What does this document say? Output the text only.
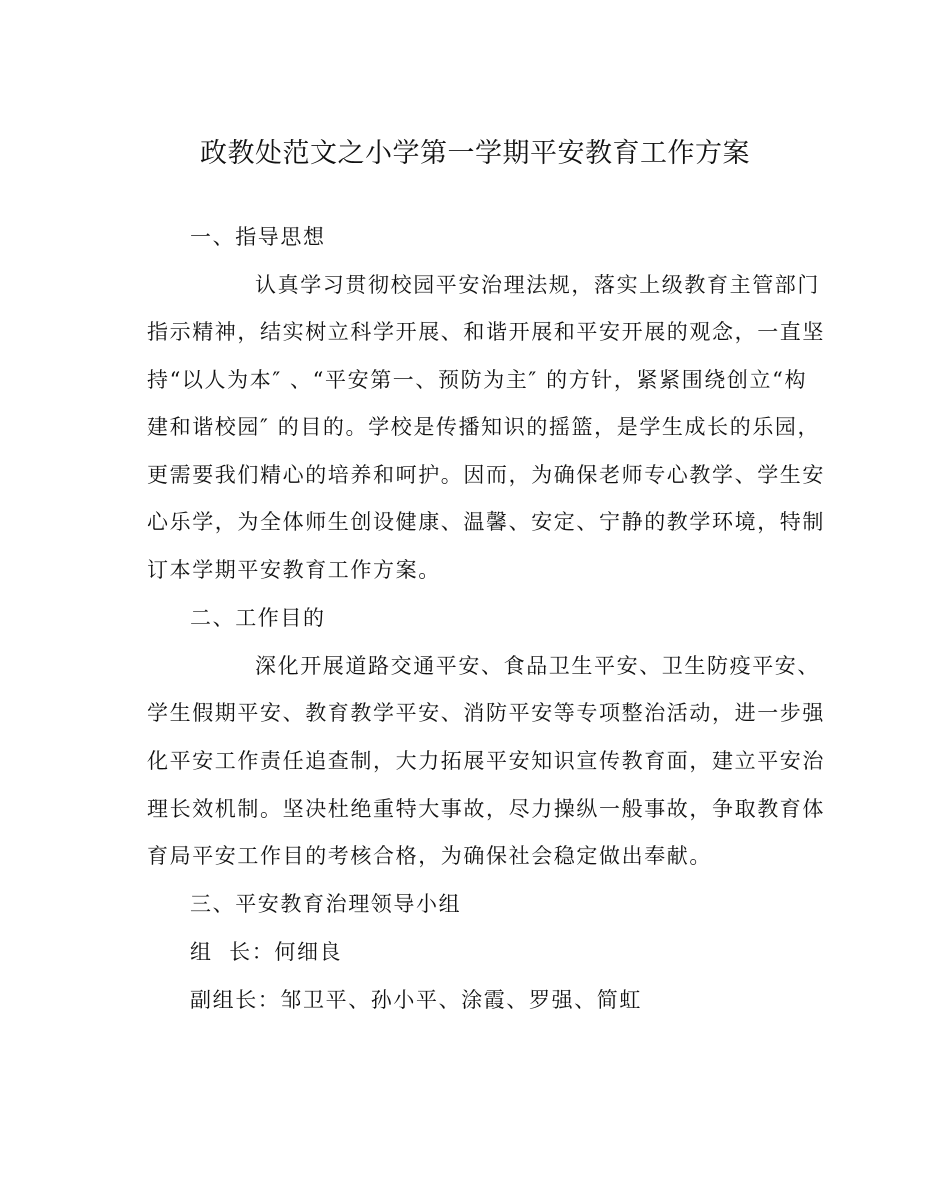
政教处范文之小学第一学期平安教育工作方案
一、指导思想
认真学习贯彻校园平安治理法规，落实上级教育主管部门
指示精神，结实树立科学开展、和谐开展和平安开展的观念，一直坚
持“以人为本″ 、“平安第一、预防为主″ 的方针，紧紧围绕创立“构
建和谐校园″ 的目的。学校是传播知识的摇篮，是学生成长的乐园，
更需要我们精心的培养和呵护。因而，为确保老师专心教学、学生安
心乐学，为全体师生创设健康、温馨、安定、宁静的教学环境，特制
订本学期平安教育工作方案。
二、工作目的
深化开展道路交通平安、食品卫生平安、卫生防疫平安、
学生假期平安、教育教学平安、消防平安等专项整治活动，进一步强
化平安工作责任追查制，大力拓展平安知识宣传教育面，建立平安治
理长效机制。坚决杜绝重特大事故，尽力操纵一般事故，争取教育体
育局平安工作目的考核合格，为确保社会稳定做出奉献。
三、平安教育治理领导小组
组  长：何细良
副组长：邹卫平、孙小平、涂霞、罗强、简虹
